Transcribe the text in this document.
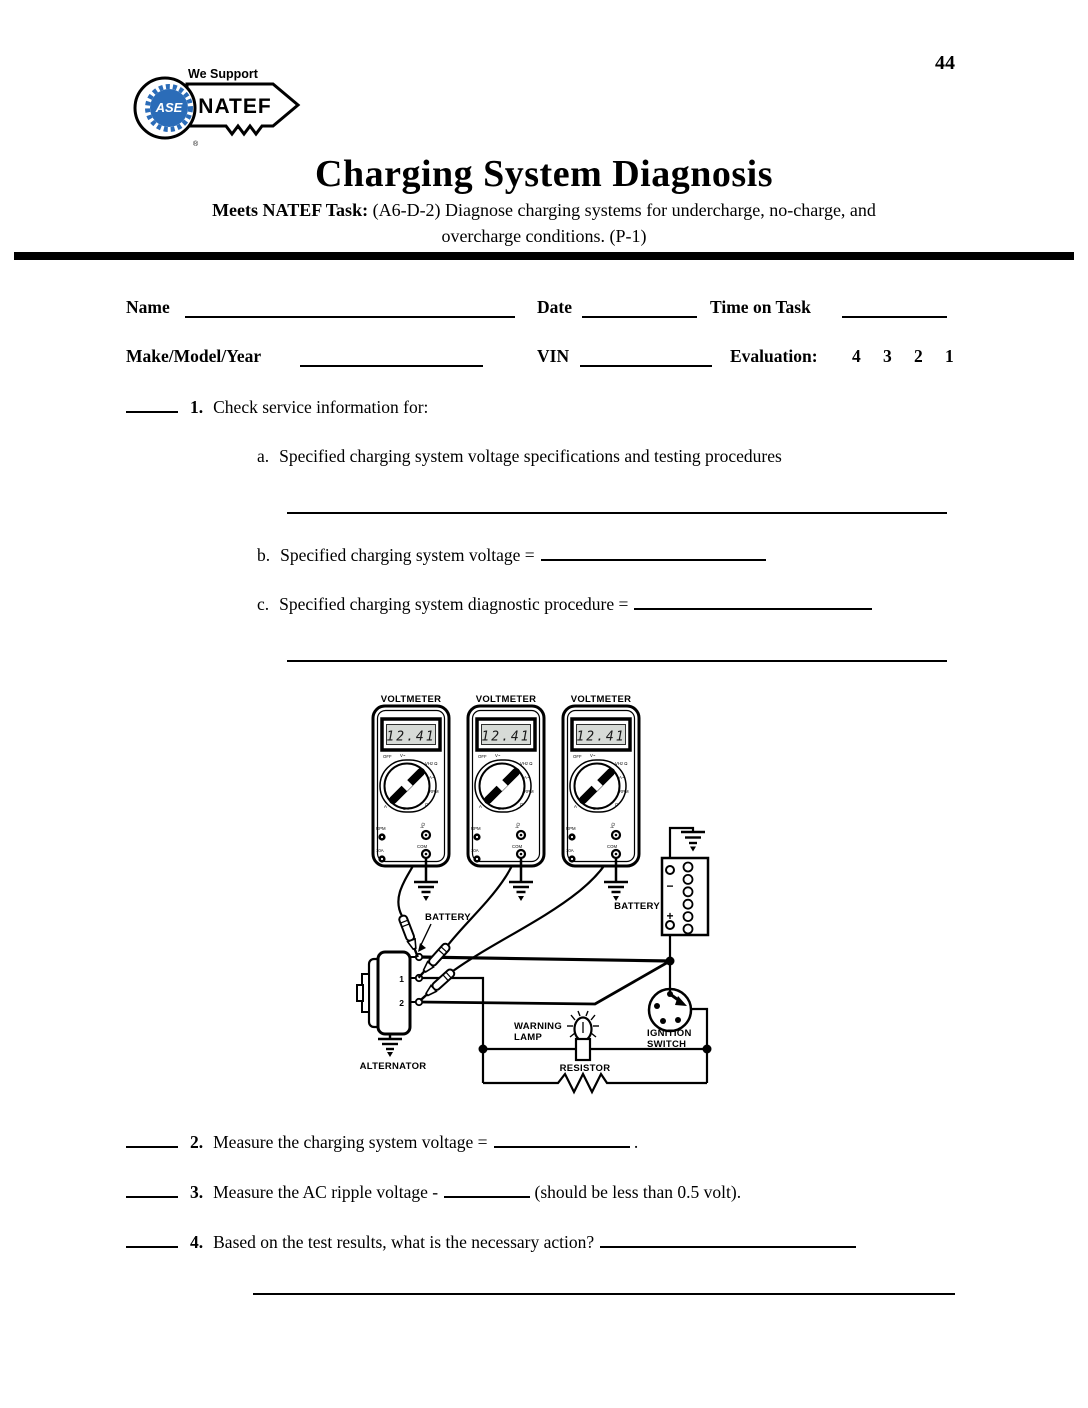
44
We Support
ASE NATEF
®
Charging System Diagnosis
Meets NATEF Task: (A6-D-2) Diagnose charging systems for undercharge, no-charge, and
overcharge conditions. (P-1)
Name	Date	Time on Task
Make/Model/Year	VIN	Evaluation: 4 3 2 1
1. Check service information for:
a. Specified charging system voltage specifications and testing procedures
b. Specified charging system voltage =
c. Specified charging system diagnostic procedure =
−
+
BATTERY
IGNITION
SWITCH
WARNING
LAMP
RESISTOR
1
2
ALTERNATOR
BATTERY
VOLTMETER
12.41
OFF V~
VHz Ω
A~
RPM
Ω
A
RPM
10A
VΩ
COM
VOLTMETER
12.41
OFF V~
VHz Ω
A~
RPM
Ω
A
RPM
10A
VΩ
COM
VOLTMETER
12.41
OFF V~
VHz Ω
A~
RPM
Ω
A
RPM
10A
VΩ
COM
2. Measure the charging system voltage =	.
3. Measure the AC ripple voltage -	(should be less than 0.5 volt).
4. Based on the test results, what is the necessary action?
